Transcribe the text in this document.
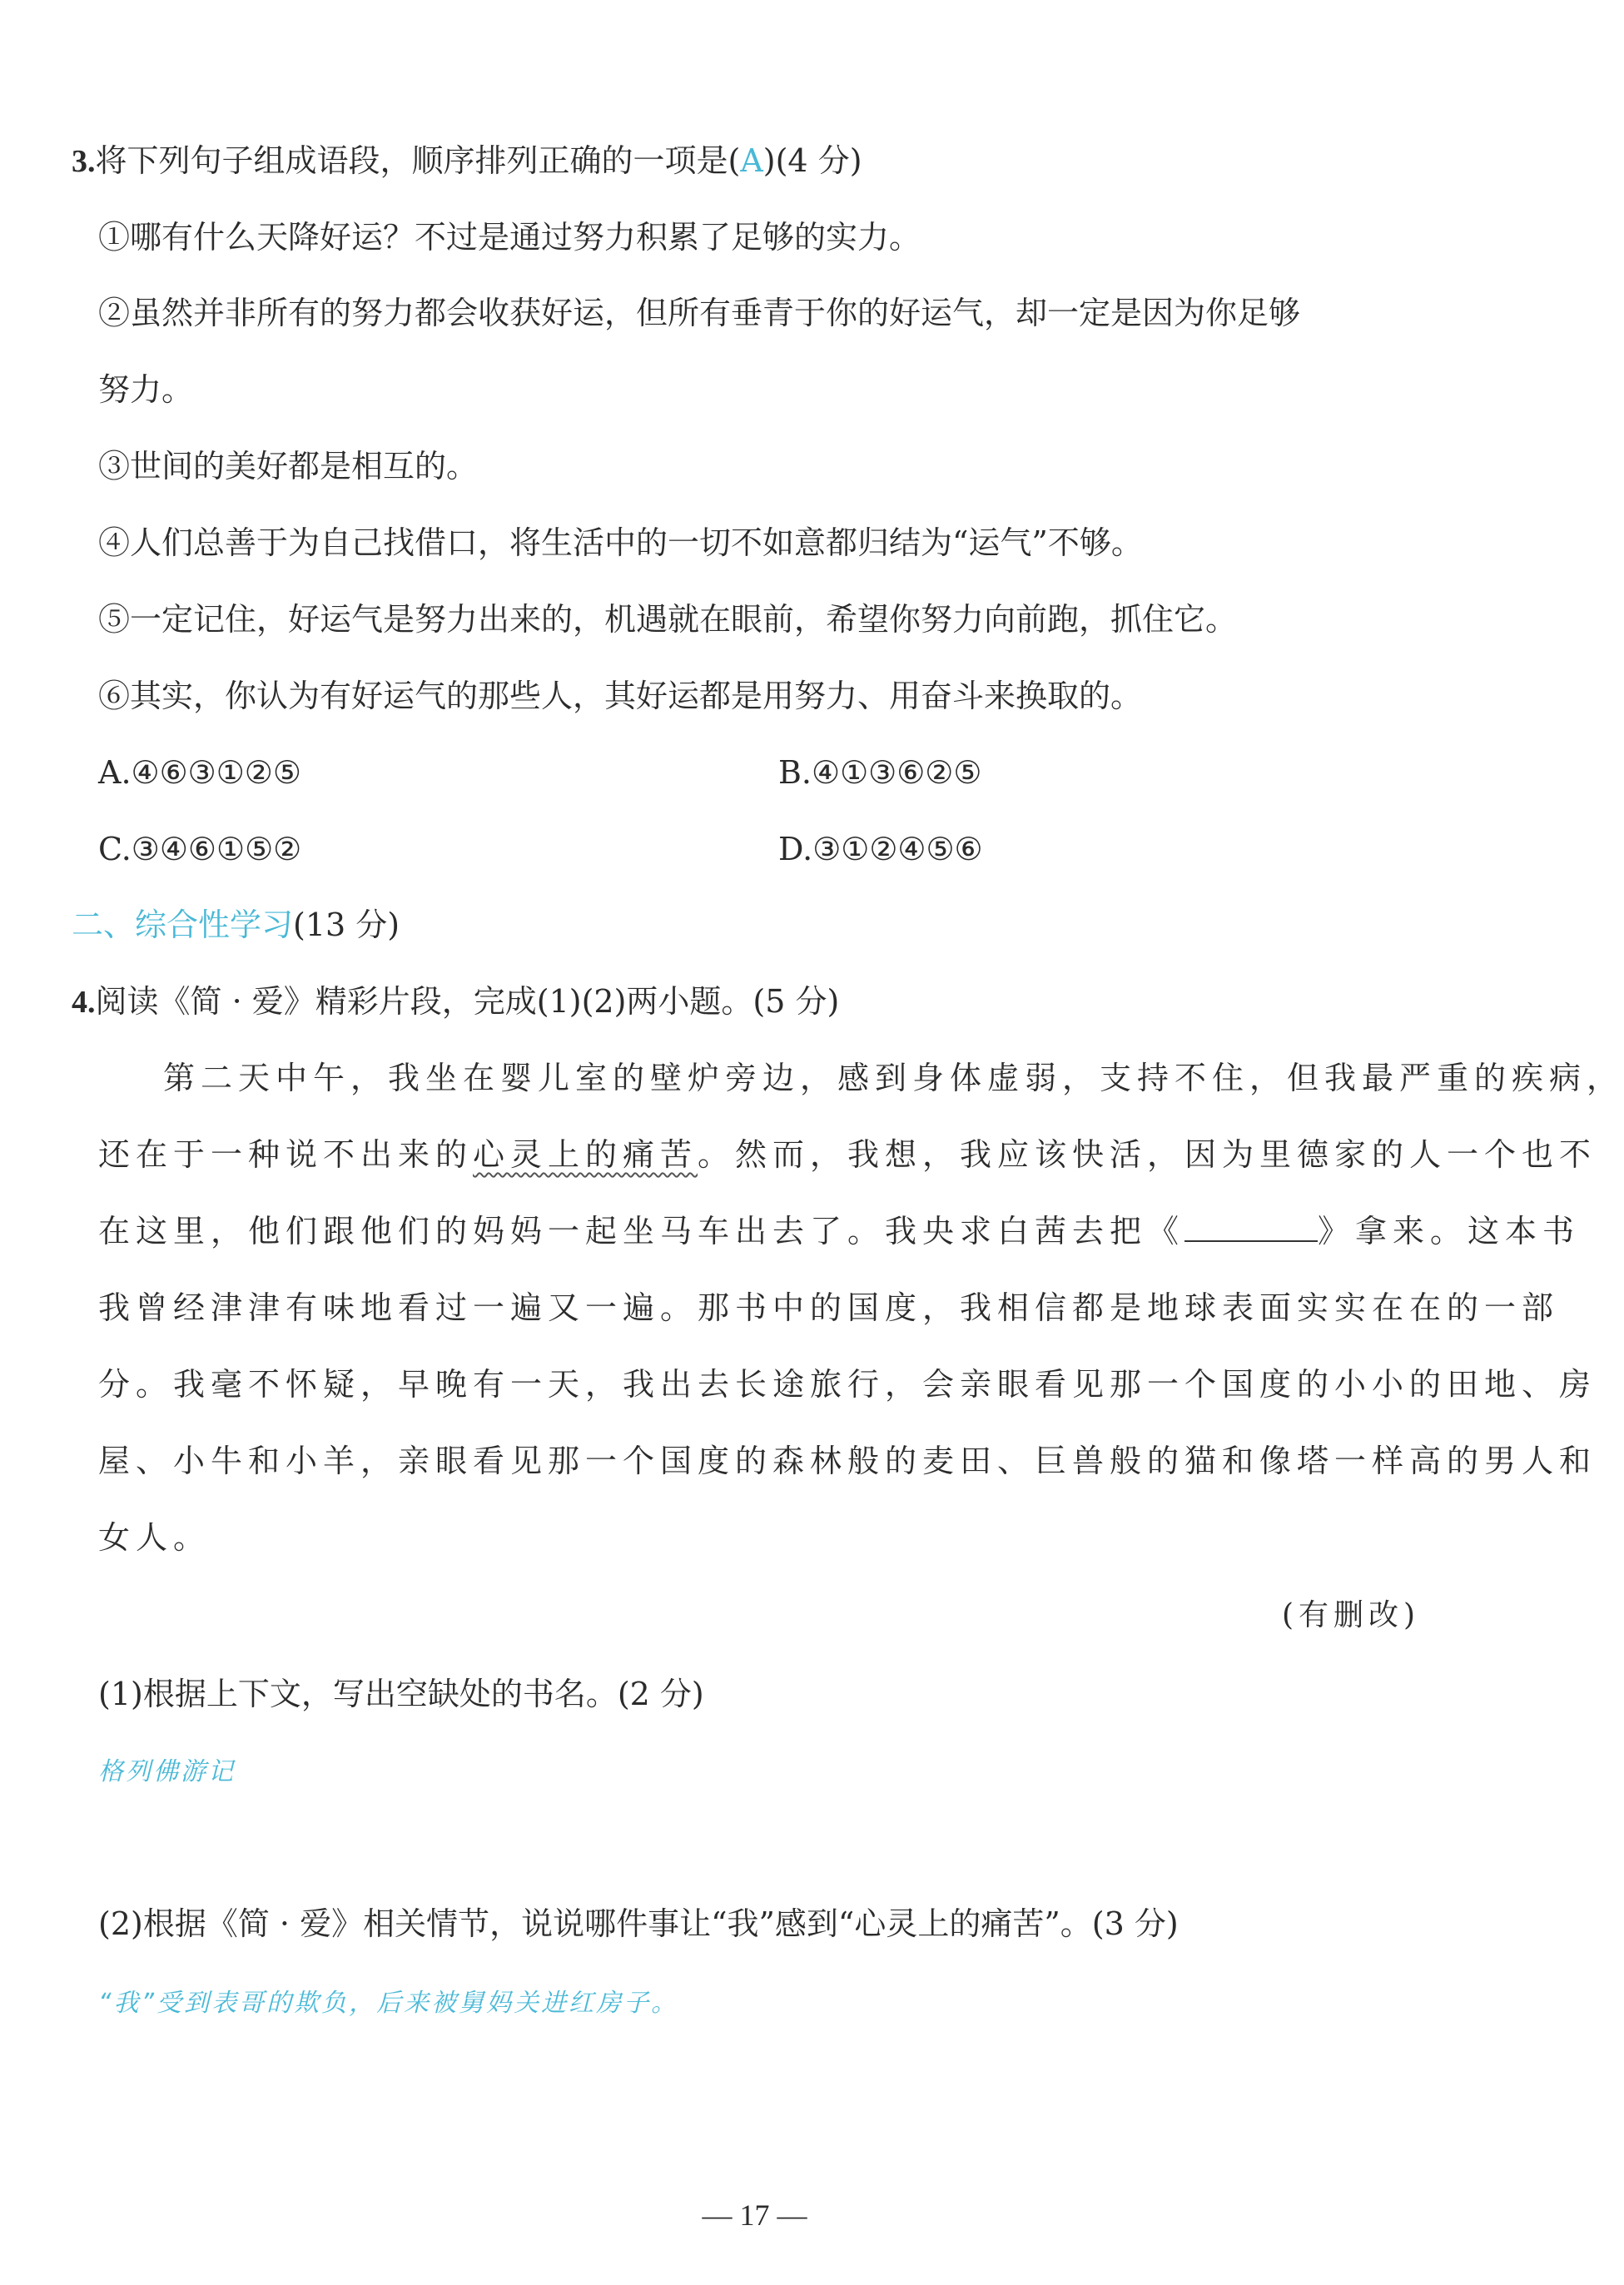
3.将下列句子组成语段，顺序排列正确的一项是(A)(4 分)
①哪有什么天降好运？不过是通过努力积累了足够的实力。
②虽然并非所有的努力都会收获好运，但所有垂青于你的好运气，却一定是因为你足够
努力。
③世间的美好都是相互的。
④人们总善于为自己找借口，将生活中的一切不如意都归结为“运气”不够。
⑤一定记住，好运气是努力出来的，机遇就在眼前，希望你努力向前跑，抓住它。
⑥其实，你认为有好运气的那些人，其好运都是用努力、用奋斗来换取的。
A.④⑥③①②⑤	B.④①③⑥②⑤
C.③④⑥①⑤②	D.③①②④⑤⑥
二、综合性学习(13 分)
4.阅读《简 · 爱》精彩片段，完成(1)(2)两小题。(5 分)
第二天中午，我坐在婴儿室的壁炉旁边，感到身体虚弱，支持不住，但我最严重的疾病，
还在于一种说不出来的心灵上的痛苦。然而，我想，我应该快活，因为里德家的人一个也不
在这里，他们跟他们的妈妈一起坐马车出去了。我央求白茜去把《	》拿来。这本书
我曾经津津有味地看过一遍又一遍。那书中的国度，我相信都是地球表面实实在在的一部
分。我毫不怀疑，早晚有一天，我出去长途旅行，会亲眼看见那一个国度的小小的田地、房
屋、小牛和小羊，亲眼看见那一个国度的森林般的麦田、巨兽般的猫和像塔一样高的男人和
女人。
(有删改)
(1)根据上下文，写出空缺处的书名。(2 分)
格列佛游记
(2)根据《简 · 爱》相关情节，说说哪件事让“我”感到“心灵上的痛苦”。(3 分)
“我”受到表哥的欺负，后来被舅妈关进红房子。
— 17 —
